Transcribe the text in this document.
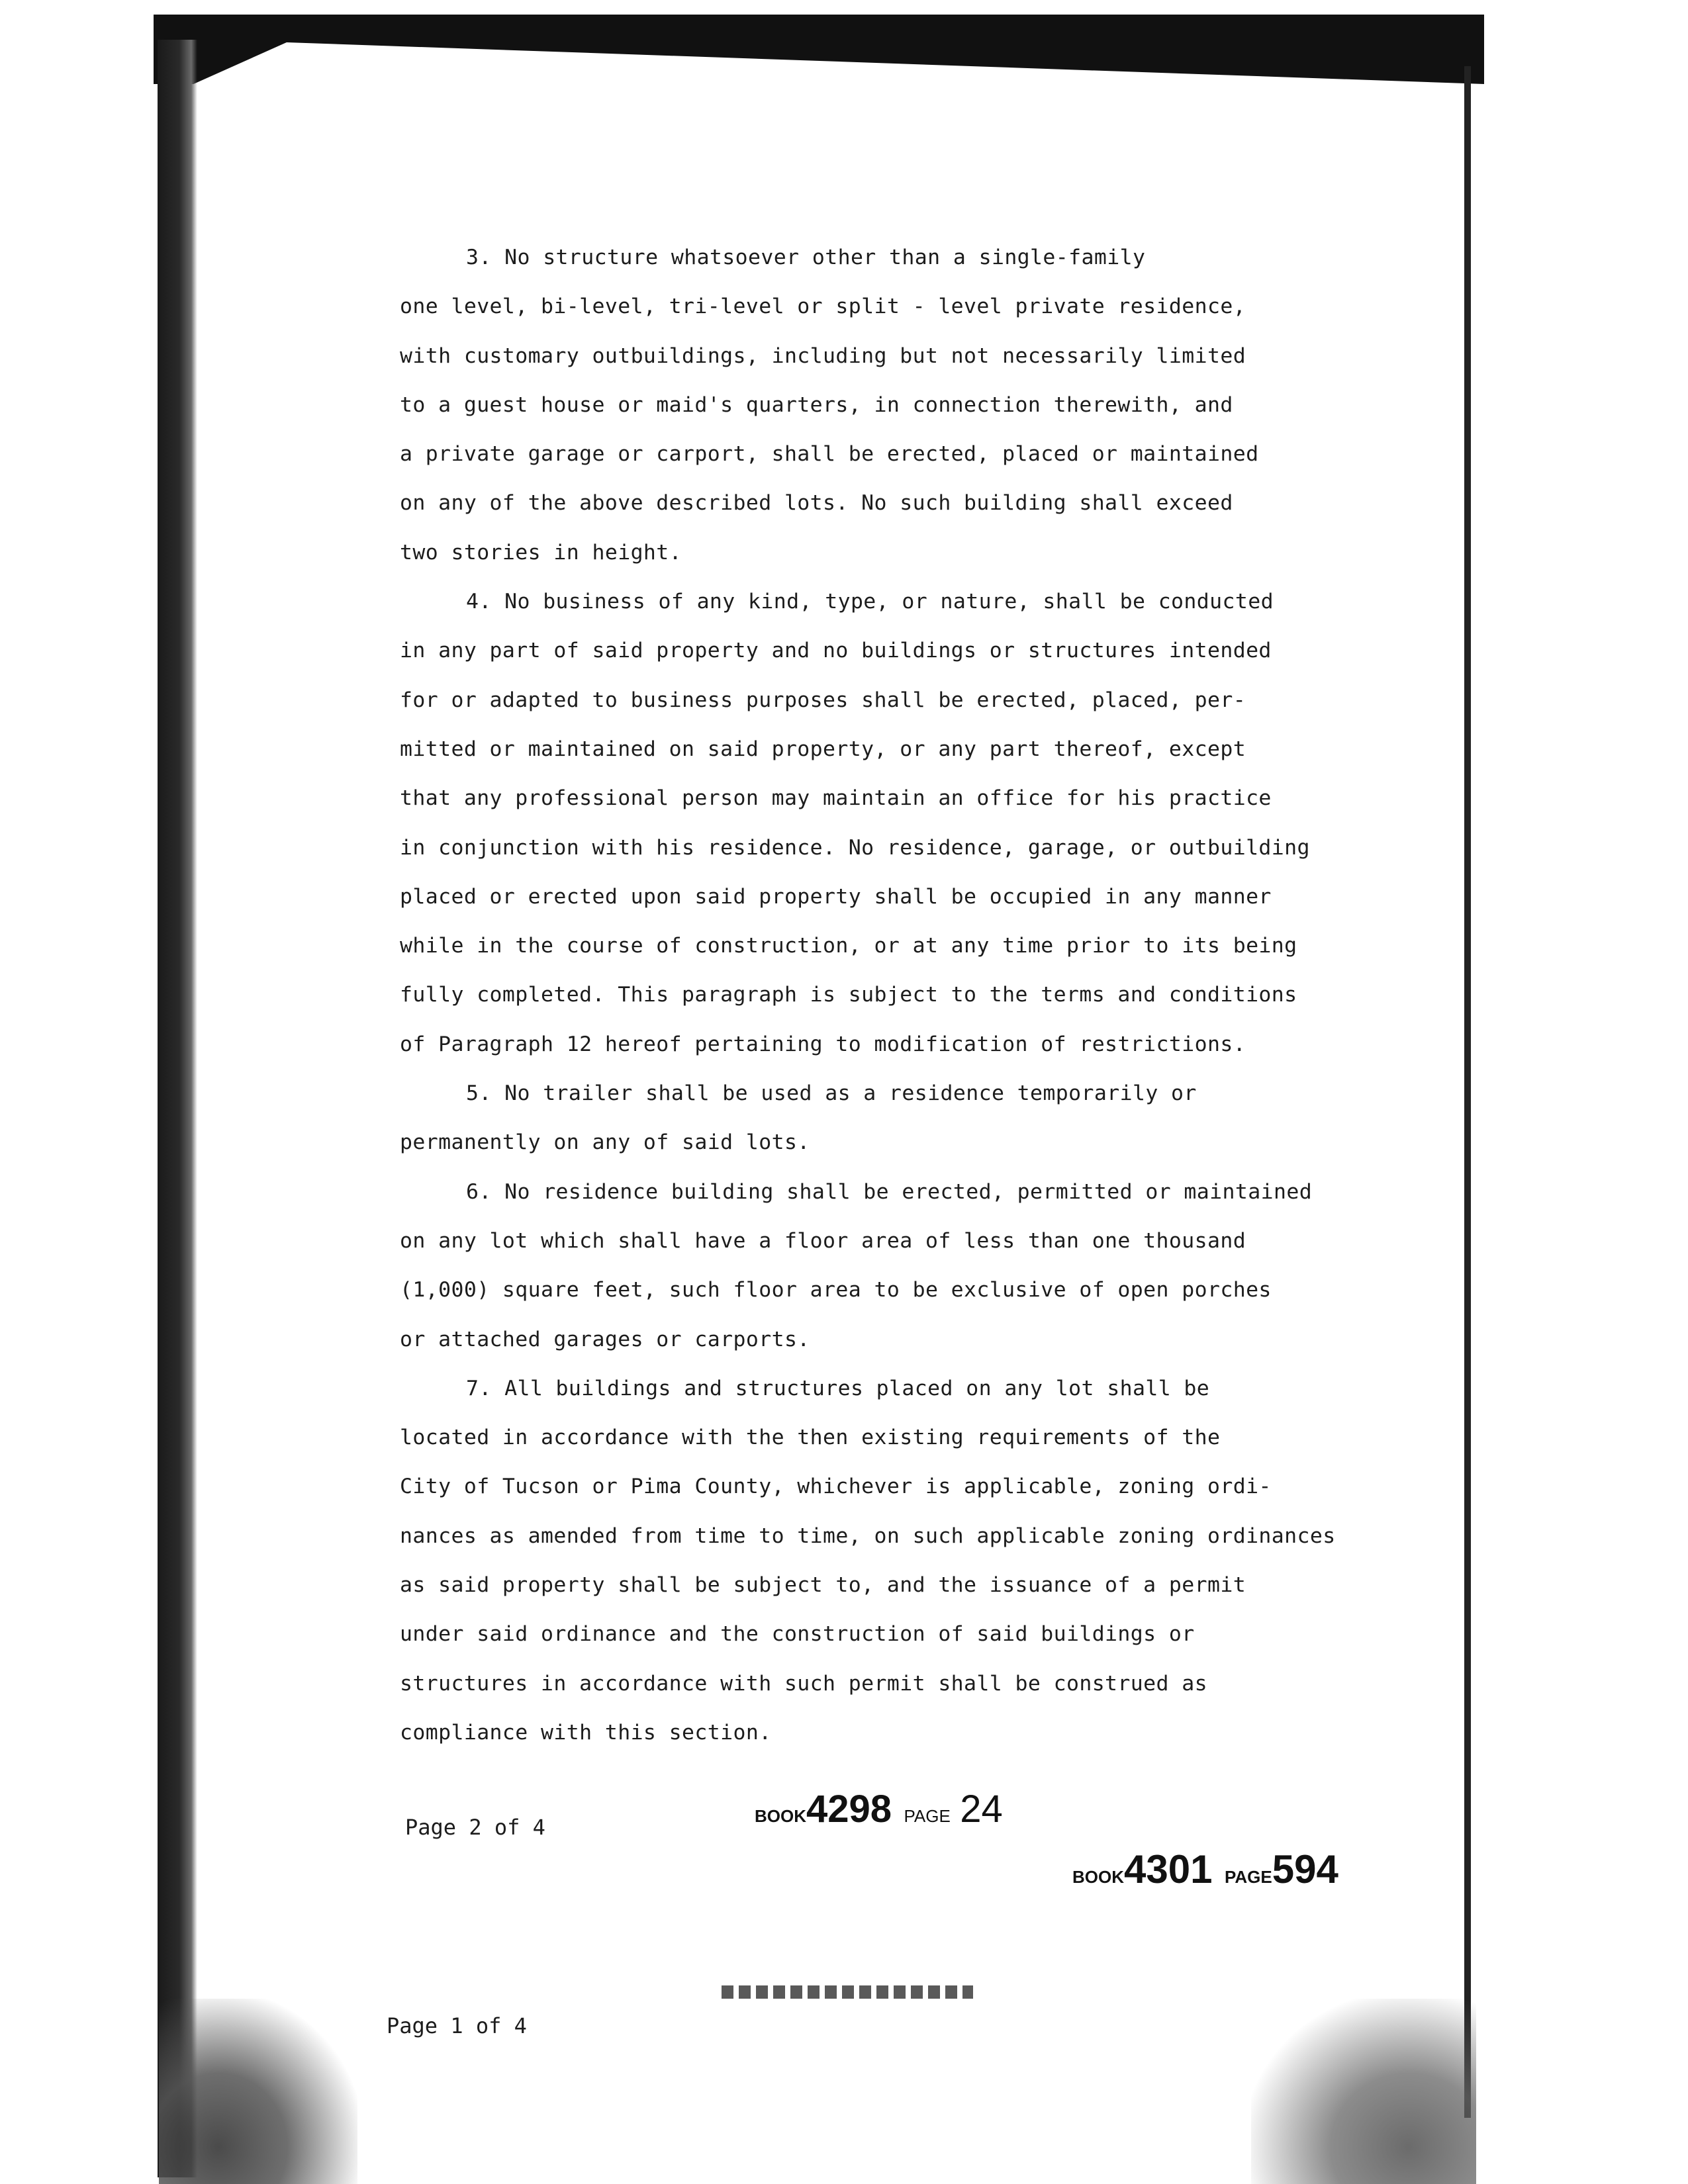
3. No structure whatsoever other than a single-family
one level, bi-level, tri-level or split - level private residence,
with customary outbuildings, including but not necessarily limited
to a guest house or maid's quarters, in connection therewith, and
a private garage or carport, shall be erected, placed or maintained
on any of the above described lots. No such building shall exceed
two stories in height.
4. No business of any kind, type, or nature, shall be conducted
in any part of said property and no buildings or structures intended
for or adapted to business purposes shall be erected, placed, per-
mitted or maintained on said property, or any part thereof, except
that any professional person may maintain an office for his practice
in conjunction with his residence. No residence, garage, or outbuilding
placed or erected upon said property shall be occupied in any manner
while in the course of construction, or at any time prior to its being
fully completed. This paragraph is subject to the terms and conditions
of Paragraph 12 hereof pertaining to modification of restrictions.
5. No trailer shall be used as a residence temporarily or
permanently on any of said lots.
6. No residence building shall be erected, permitted or maintained
on any lot which shall have a floor area of less than one thousand
(1,000) square feet, such floor area to be exclusive of open porches
or attached garages or carports.
7. All buildings and structures placed on any lot shall be
located in accordance with the then existing requirements of the
City of Tucson or Pima County, whichever is applicable, zoning ordi-
nances as amended from time to time, on such applicable zoning ordinances
as said property shall be subject to, and the issuance of a permit
under said ordinance and the construction of said buildings or
structures in accordance with such permit shall be construed as
compliance with this section.
Page 2 of 4	BOOK4298 PAGE 24
BOOK4301 PAGE594
Page 1 of 4
